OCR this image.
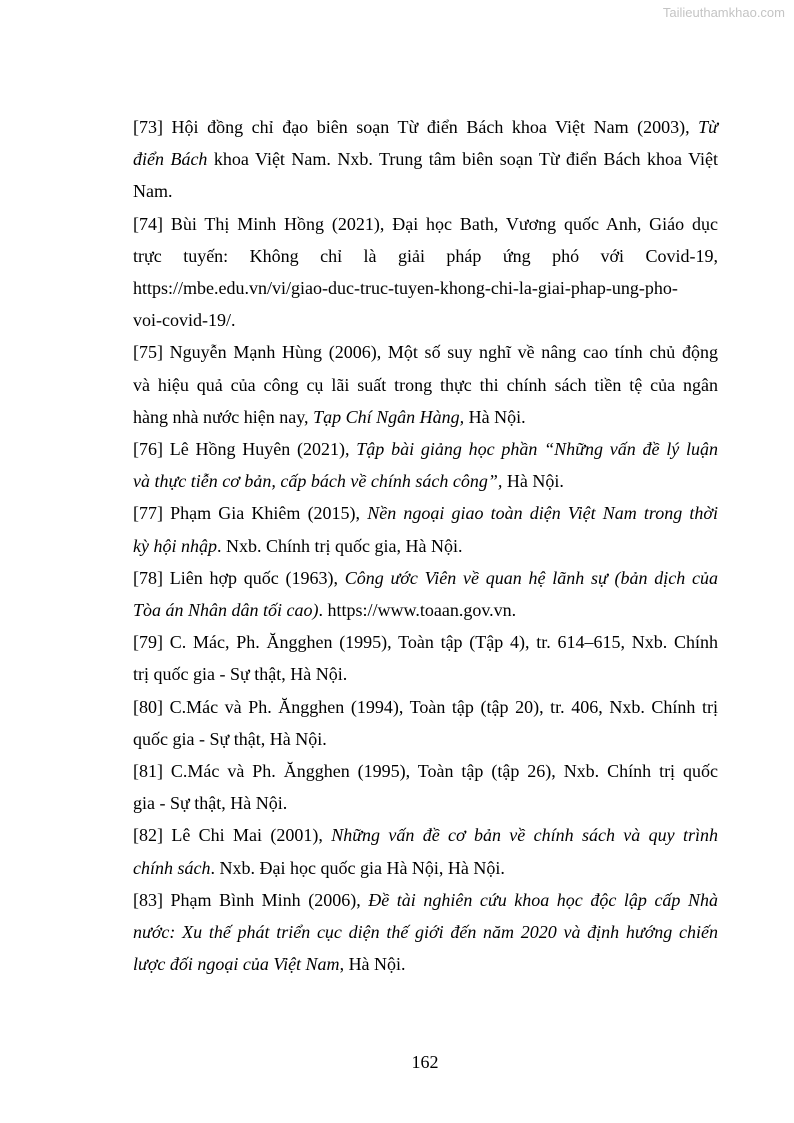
Tailieuthamkhao.com
[73] Hội đồng chỉ đạo biên soạn Từ điển Bách khoa Việt Nam (2003), Từ
điển Bách khoa Việt Nam. Nxb. Trung tâm biên soạn Từ điển Bách khoa Việt
Nam.
[74] Bùi Thị Minh Hồng (2021), Đại học Bath, Vương quốc Anh, Giáo dục
trực tuyến: Không chỉ là giải pháp ứng phó với Covid-19,
https://mbe.edu.vn/vi/giao-duc-truc-tuyen-khong-chi-la-giai-phap-ung-pho-
voi-covid-19/.
[75] Nguyễn Mạnh Hùng (2006), Một số suy nghĩ về nâng cao tính chủ động
và hiệu quả của công cụ lãi suất trong thực thi chính sách tiền tệ của ngân
hàng nhà nước hiện nay, Tạp Chí Ngân Hàng, Hà Nội.
[76] Lê Hồng Huyên (2021), Tập bài giảng học phần “Những vấn đề lý luận
và thực tiễn cơ bản, cấp bách về chính sách công”, Hà Nội.
[77] Phạm Gia Khiêm (2015), Nền ngoại giao toàn diện Việt Nam trong thời
kỳ hội nhập. Nxb. Chính trị quốc gia, Hà Nội.
[78] Liên hợp quốc (1963), Công ước Viên về quan hệ lãnh sự (bản dịch của
Tòa án Nhân dân tối cao). https://www.toaan.gov.vn.
[79] C. Mác, Ph. Ăngghen (1995), Toàn tập (Tập 4), tr. 614–615, Nxb. Chính
trị quốc gia - Sự thật, Hà Nội.
[80] C.Mác và Ph. Ăngghen (1994), Toàn tập (tập 20), tr. 406, Nxb. Chính trị
quốc gia - Sự thật, Hà Nội.
[81] C.Mác và Ph. Ăngghen (1995), Toàn tập (tập 26), Nxb. Chính trị quốc
gia - Sự thật, Hà Nội.
[82] Lê Chi Mai (2001), Những vấn đề cơ bản về chính sách và quy trình
chính sách. Nxb. Đại học quốc gia Hà Nội, Hà Nội.
[83] Phạm Bình Minh (2006), Đề tài nghiên cứu khoa học độc lập cấp Nhà
nước: Xu thế phát triển cục diện thế giới đến năm 2020 và định hướng chiến
lược đối ngoại của Việt Nam, Hà Nội.
162
